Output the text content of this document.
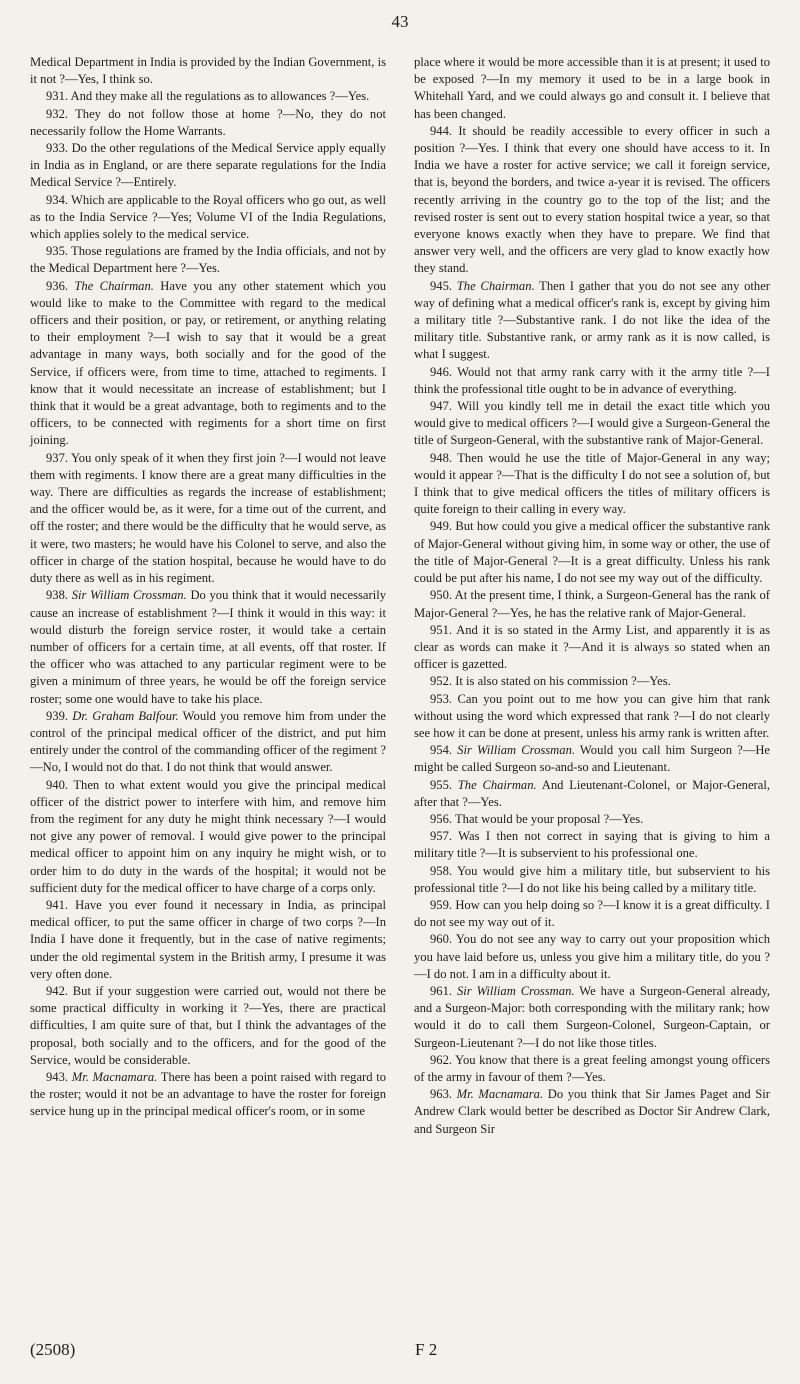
43

Medical Department in India is provided by the Indian Government, is it not ?—Yes, I think so.

931. And they make all the regulations as to allowances ?—Yes.

932. They do not follow those at home ?—No, they do not necessarily follow the Home Warrants.

933. Do the other regulations of the Medical Service apply equally in India as in England, or are there separate regulations for the India Medical Service ?—Entirely.

934. Which are applicable to the Royal officers who go out, as well as to the India Service ?—Yes; Volume VI of the India Regulations, which applies solely to the medical service.

935. Those regulations are framed by the India officials, and not by the Medical Department here ?—Yes.

936. The Chairman. Have you any other statement which you would like to make to the Committee with regard to the medical officers and their position, or pay, or retirement, or anything relating to their employment ?—I wish to say that it would be a great advantage in many ways, both socially and for the good of the Service, if officers were, from time to time, attached to regiments. I know that it would necessitate an increase of establishment; but I think that it would be a great advantage, both to regiments and to the officers, to be connected with regiments for a short time on first joining.

937. You only speak of it when they first join ?—I would not leave them with regiments. I know there are a great many difficulties in the way. There are difficulties as regards the increase of establishment; and the officer would be, as it were, for a time out of the current, and off the roster; and there would be the difficulty that he would serve, as it were, two masters; he would have his Colonel to serve, and also the officer in charge of the station hospital, because he would have to do duty there as well as in his regiment.

938. Sir William Crossman. Do you think that it would necessarily cause an increase of establishment ?—I think it would in this way: it would disturb the foreign service roster, it would take a certain number of officers for a certain time, at all events, off that roster. If the officer who was attached to any particular regiment were to be given a minimum of three years, he would be off the foreign service roster; some one would have to take his place.

939. Dr. Graham Balfour. Would you remove him from under the control of the principal medical officer of the district, and put him entirely under the control of the commanding officer of the regiment ?—No, I would not do that. I do not think that would answer.

940. Then to what extent would you give the principal medical officer of the district power to interfere with him, and remove him from the regiment for any duty he might think necessary ?—I would not give any power of removal. I would give power to the principal medical officer to appoint him on any inquiry he might wish, or to order him to do duty in the wards of the hospital; it would not be sufficient duty for the medical officer to have charge of a corps only.

941. Have you ever found it necessary in India, as principal medical officer, to put the same officer in charge of two corps ?—In India I have done it frequently, but in the case of native regiments; under the old regimental system in the British army, I presume it was very often done.

942. But if your suggestion were carried out, would not there be some practical difficulty in working it ?—Yes, there are practical difficulties, I am quite sure of that, but I think the advantages of the proposal, both socially and to the officers, and for the good of the Service, would be considerable.

943. Mr. Macnamara. There has been a point raised with regard to the roster; would it not be an advantage to have the roster for foreign service hung up in the principal medical officer's room, or in some

place where it would be more accessible than it is at present; it used to be exposed ?—In my memory it used to be in a large book in Whitehall Yard, and we could always go and consult it. I believe that has been changed.

944. It should be readily accessible to every officer in such a position ?—Yes. I think that every one should have access to it. In India we have a roster for active service; we call it foreign service, that is, beyond the borders, and twice a-year it is revised. The officers recently arriving in the country go to the top of the list; and the revised roster is sent out to every station hospital twice a year, so that everyone knows exactly when they have to prepare. We find that answer very well, and the officers are very glad to know exactly how they stand.

945. The Chairman. Then I gather that you do not see any other way of defining what a medical officer's rank is, except by giving him a military title ?—Substantive rank. I do not like the idea of the military title. Substantive rank, or army rank as it is now called, is what I suggest.

946. Would not that army rank carry with it the army title ?—I think the professional title ought to be in advance of everything.

947. Will you kindly tell me in detail the exact title which you would give to medical officers ?—I would give a Surgeon-General the title of Surgeon-General, with the substantive rank of Major-General.

948. Then would he use the title of Major-General in any way; would it appear ?—That is the difficulty I do not see a solution of, but I think that to give medical officers the titles of military officers is quite foreign to their calling in every way.

949. But how could you give a medical officer the substantive rank of Major-General without giving him, in some way or other, the use of the title of Major-General ?—It is a great difficulty. Unless his rank could be put after his name, I do not see my way out of the difficulty.

950. At the present time, I think, a Surgeon-General has the rank of Major-General ?—Yes, he has the relative rank of Major-General.

951. And it is so stated in the Army List, and apparently it is as clear as words can make it ?—And it is always so stated when an officer is gazetted.

952. It is also stated on his commission ?—Yes.

953. Can you point out to me how you can give him that rank without using the word which expressed that rank ?—I do not clearly see how it can be done at present, unless his army rank is written after.

954. Sir William Crossman. Would you call him Surgeon ?—He might be called Surgeon so-and-so and Lieutenant.

955. The Chairman. And Lieutenant-Colonel, or Major-General, after that ?—Yes.

956. That would be your proposal ?—Yes.

957. Was I then not correct in saying that is giving to him a military title ?—It is subservient to his professional one.

958. You would give him a military title, but subservient to his professional title ?—I do not like his being called by a military title.

959. How can you help doing so ?—I know it is a great difficulty. I do not see my way out of it.

960. You do not see any way to carry out your proposition which you have laid before us, unless you give him a military title, do you ?—I do not. I am in a difficulty about it.

961. Sir William Crossman. We have a Surgeon-General already, and a Surgeon-Major: both corresponding with the military rank; how would it do to call them Surgeon-Colonel, Surgeon-Captain, or Surgeon-Lieutenant ?—I do not like those titles.

962. You know that there is a great feeling amongst young officers of the army in favour of them ?—Yes.

963. Mr. Macnamara. Do you think that Sir James Paget and Sir Andrew Clark would better be described as Doctor Sir Andrew Clark, and Surgeon Sir

(2508)	F 2
